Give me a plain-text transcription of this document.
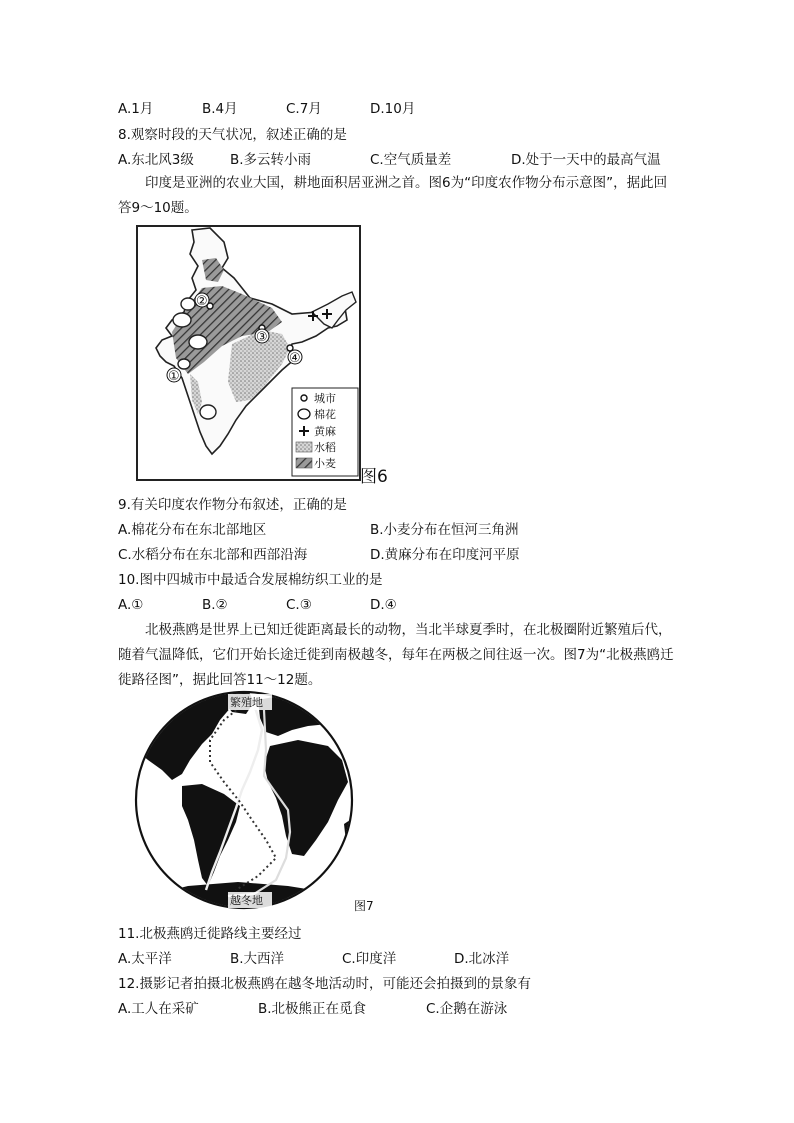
A.1月	B.4月	C.7月	D.10月
8.观察时段的天气状况，叙述正确的是
A.东北风3级	B.多云转小雨	C.空气质量差	D.处于一天中的最高气温
印度是亚洲的农业大国，耕地面积居亚洲之首。图6为“印度农作物分布示意图”，据此回答9～10题。
①
②
③
④
城市
棉花
黄麻
水稻
小麦
图6
9.有关印度农作物分布叙述，正确的是
A.棉花分布在东北部地区	B.小麦分布在恒河三角洲
C.水稻分布在东北部和西部沿海	D.黄麻分布在印度河平原
10.图中四城市中最适合发展棉纺织工业的是
A.①	B.②	C.③	D.④
北极燕鸥是世界上已知迁徙距离最长的动物，当北半球夏季时，在北极圈附近繁殖后代，随着气温降低，它们开始长途迁徙到南极越冬，每年在两极之间往返一次。图7为“北极燕鸥迁徙路径图”，据此回答11～12题。
繁殖地
越冬地	图7
11.北极燕鸥迁徙路线主要经过
A.太平洋	B.大西洋	C.印度洋	D.北冰洋
12.摄影记者拍摄北极燕鸥在越冬地活动时，可能还会拍摄到的景象有
A.工人在采矿	B.北极熊正在觅食	C.企鹅在游泳
